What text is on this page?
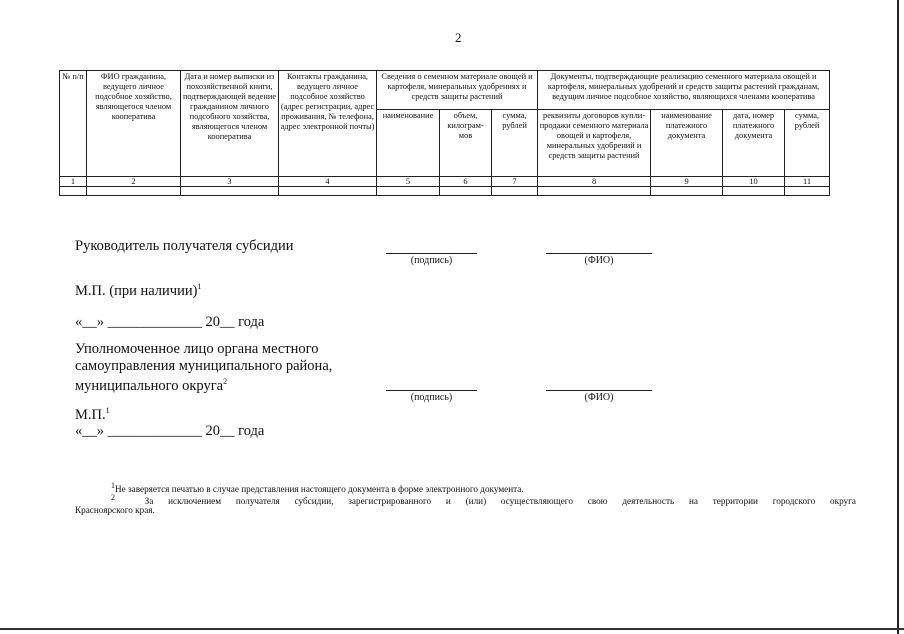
2
№ п/п	ФИО гражданина, ведущего личное подсобное хозяйство, являющегося членом кооператива	Дата и номер выписки из похозяйственной книги, подтверждающей ведение гражданином личного подсобного хозяйства, являющегося членом кооператива	Контакты гражданина, ведущего личное подсобное хозяйство (адрес регистрации, адрес проживания, № телефона, адрес электронной почты)	Сведения о семенном материале овощей и картофеля, минеральных удобрениях и средств защиты растений			Документы, подтверждающие реализацию семенного материала овощей и картофеля, минеральных удобрений и средств защиты растений гражданам, ведущим личное подсобное хозяйство, являющихся членами кооператива			
				наименование	объем, килограм-мов	сумма, рублей	реквизиты договоров купли-продажи семенного материала овощей и картофеля, минеральных удобрений и средств защиты растений	наименование платежного документа	дата, номер платежного документа	сумма, рублей
1	2	3	4	5	6	7	8	9	10	11

Руководитель получателя субсидии
(подпись)	(ФИО)
М.П. (при наличии)$^1$
«__» _____________ 20__ года
Уполномоченное лицо органа местного
самоуправления муниципального района,
муниципального округа$^2$
(подпись)	(ФИО)
М.П.$^1$
«__» _____________ 20__ года
$^1$Не заверяется печатью в случае представления настоящего документа в форме электронного документа.
$^2$	За исключением получателя субсидии, зарегистрированного и (или) осуществляющего свою деятельность на территории городского округа
Красноярского края.
